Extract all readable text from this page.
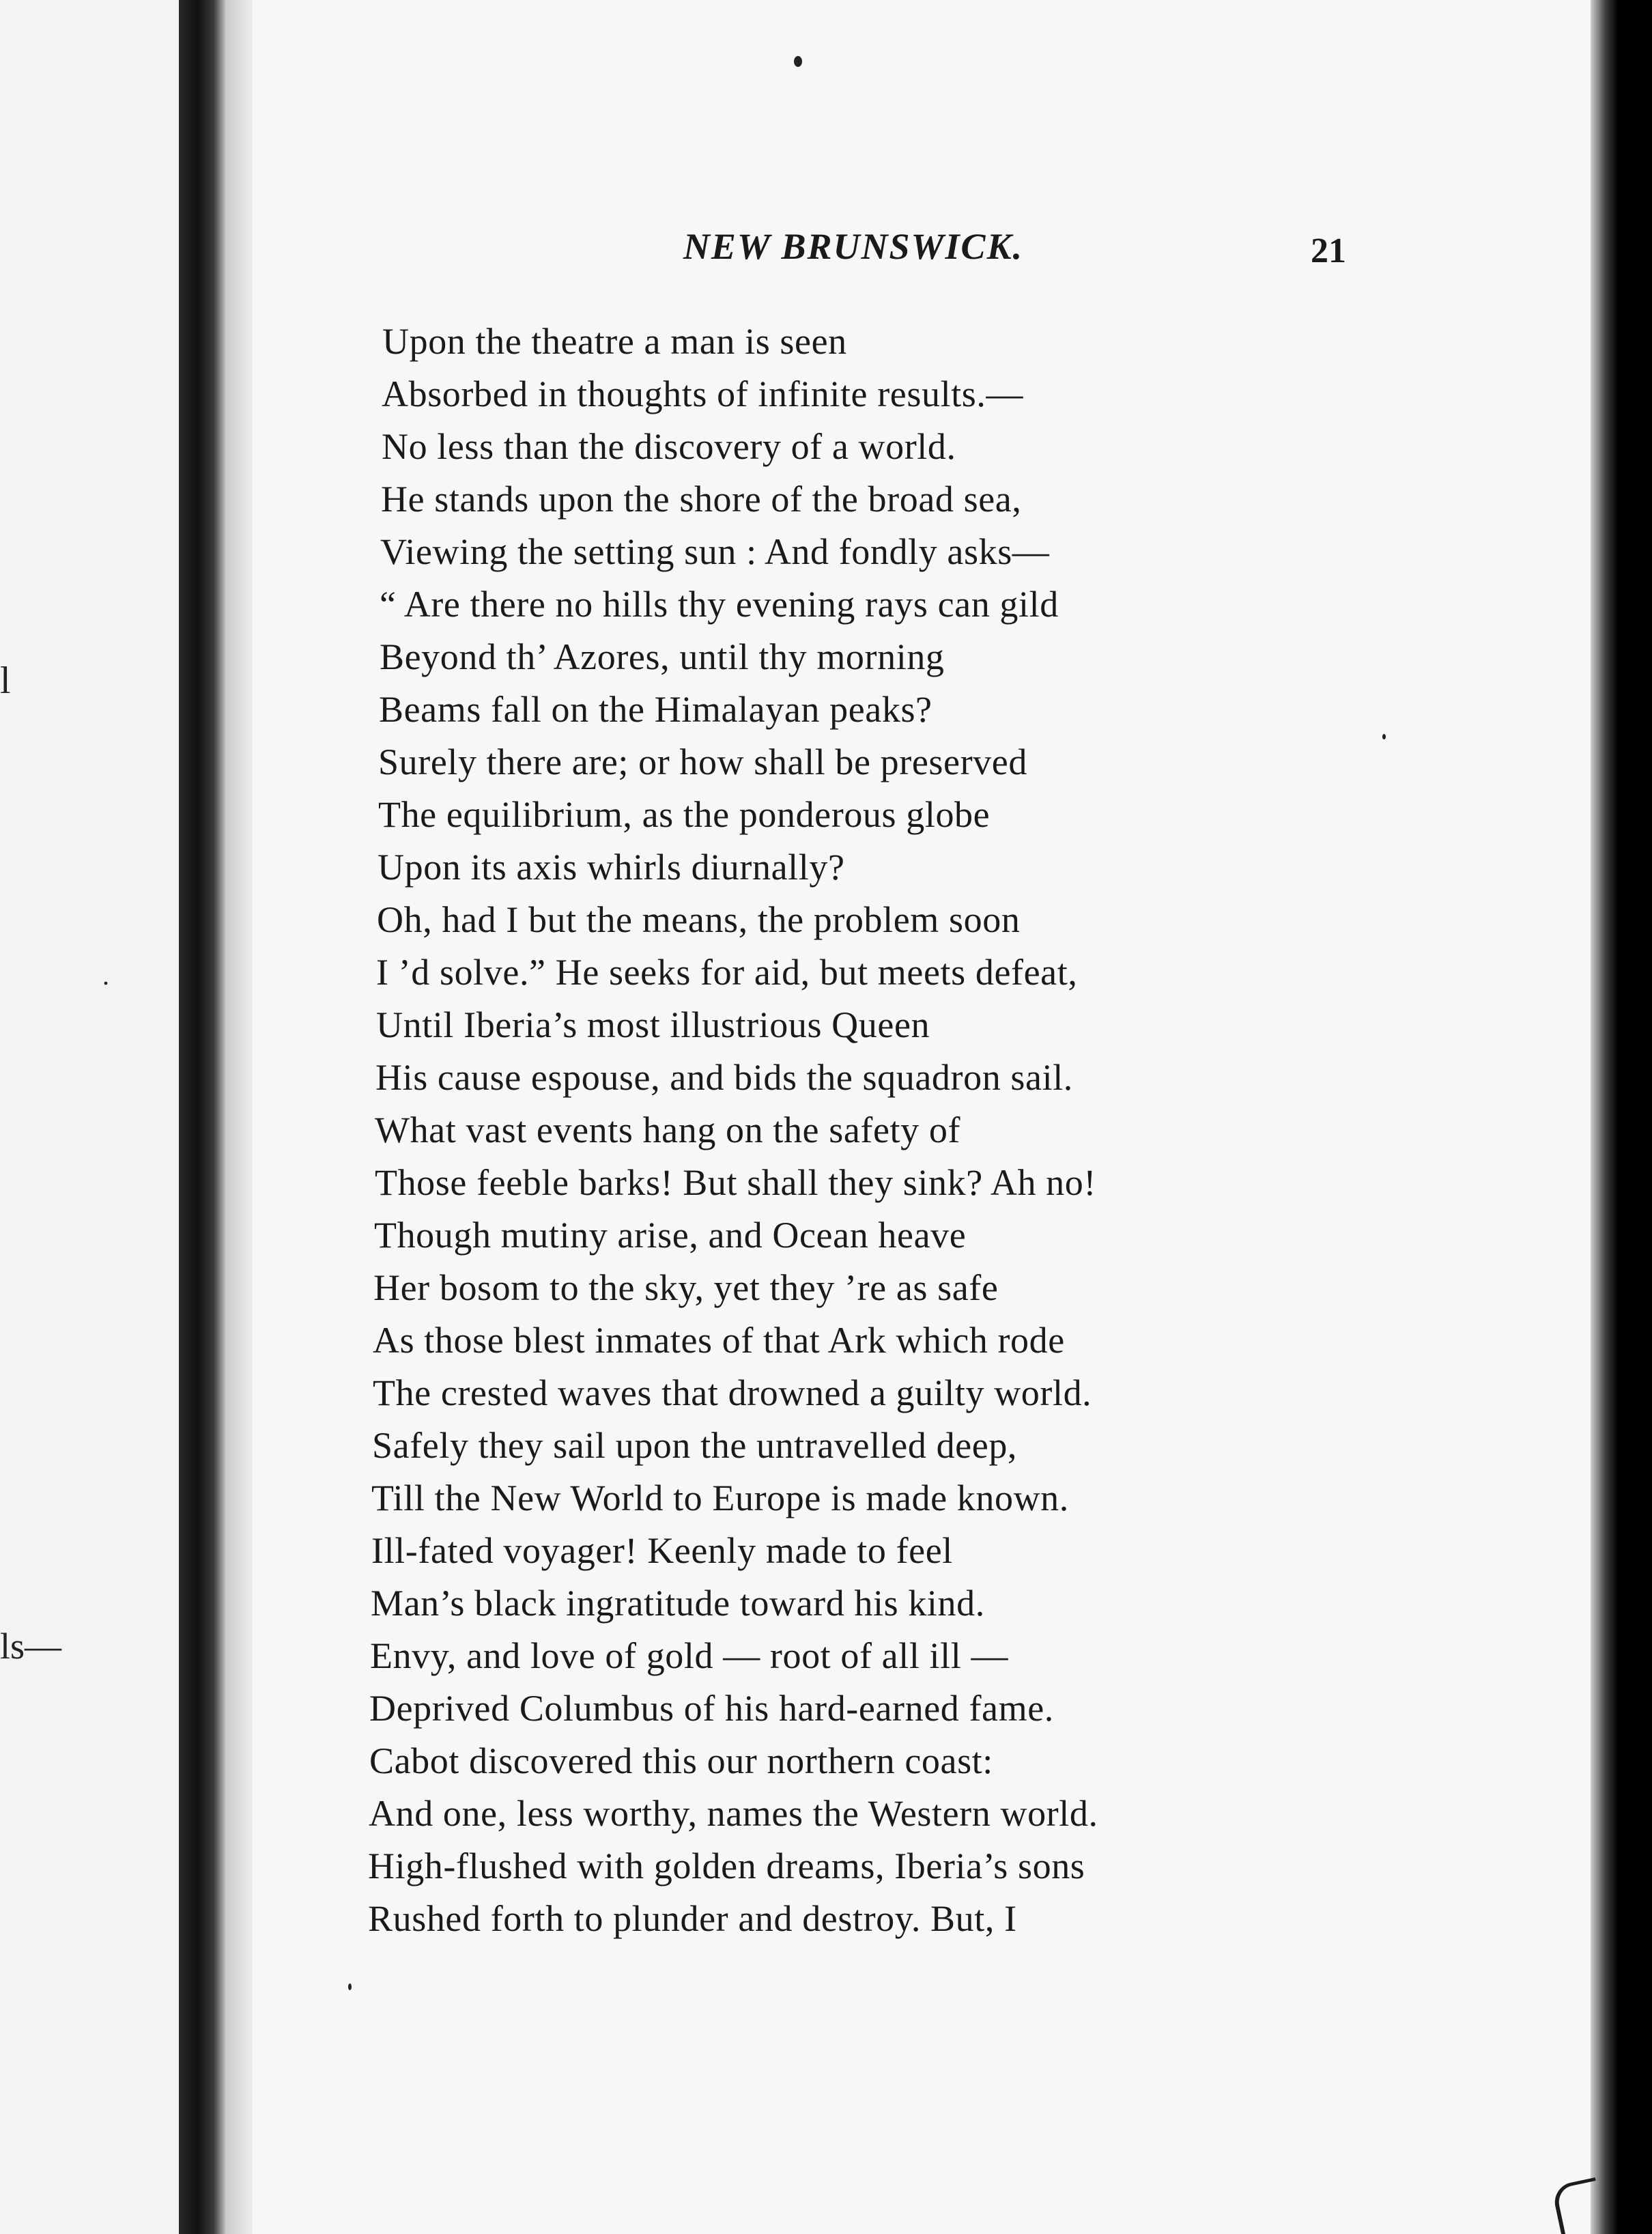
l
.
ls—
NEW BRUNSWICK.	21
Upon the theatre a man is seen
Absorbed in thoughts of infinite results.—
No less than the discovery of a world.
He stands upon the shore of the broad sea,
Viewing the setting sun : And fondly asks—
“ Are there no hills thy evening rays can gild
Beyond th’ Azores, until thy morning
Beams fall on the Himalayan peaks?
Surely there are; or how shall be preserved
The equilibrium, as the ponderous globe
Upon its axis whirls diurnally?
Oh, had I but the means, the problem soon
I ’d solve.” He seeks for aid, but meets defeat,
Until Iberia’s most illustrious Queen
His cause espouse, and bids the squadron sail.
What vast events hang on the safety of
Those feeble barks! But shall they sink? Ah no!
Though mutiny arise, and Ocean heave
Her bosom to the sky, yet they ’re as safe
As those blest inmates of that Ark which rode
The crested waves that drowned a guilty world.
Safely they sail upon the untravelled deep,
Till the New World to Europe is made known.
Ill-fated voyager! Keenly made to feel
Man’s black ingratitude toward his kind.
Envy, and love of gold — root of all ill —
Deprived Columbus of his hard-earned fame.
Cabot discovered this our northern coast:
And one, less worthy, names the Western world.
High-flushed with golden dreams, Iberia’s sons
Rushed forth to plunder and destroy. But, I
